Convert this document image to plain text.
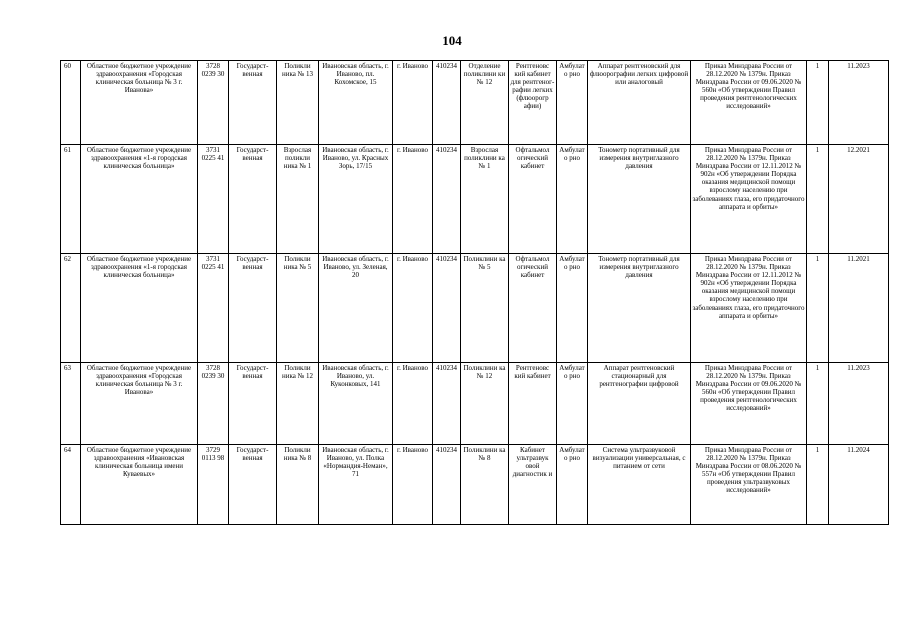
104
60	Областное бюджетное учреждение здравоохранения «Городская клиническая больница № 3 г. Иванова»	3728 0239 30	Государст-венная	Поликли ника № 13	Ивановская область, г. Иваново, пл. Кохомское, 15	г. Иваново	410234	Отделение поликлини ки № 12	Рентгеновс кий кабинет для рентгеног-рафии легких (флюорогр афии)	Амбулато рно	Аппарат рентгеновский для флюорографии легких цифровой или аналоговый	Приказ Минздрава России от 28.12.2020 № 1379н. Приказ Минздрава России от 09.06.2020 № 560н «Об утверждении Правил проведения рентгенологических исследований»	1	11.2023
61	Областное бюджетное учреждение здравоохранения «1-я городская клиническая больница»	3731 0225 41	Государст-венная	Взрослая поликли ника № 1	Ивановская область, г. Иваново, ул. Красных Зорь, 17/15	г. Иваново	410234	Взрослая поликлини ка № 1	Офтальмол огический кабинет	Амбулато рно	Тонометр портативный для измерения внутриглазного давления	Приказ Минздрава России от 28.12.2020 № 1379н. Приказ Минздрава России от 12.11.2012 № 902н «Об утверждении Порядка оказания медицинской помощи взрослому населению при заболеваниях глаза, его придаточного аппарата и орбиты»	1	12.2021
62	Областное бюджетное учреждение здравоохранения «1-я городская клиническая больница»	3731 0225 41	Государст-венная	Поликли ника № 5	Ивановская область, г. Иваново, ул. Зеленая, 20	г. Иваново	410234	Поликлини ка № 5	Офтальмол огический кабинет	Амбулато рно	Тонометр портативный для измерения внутриглазного давления	Приказ Минздрава России от 28.12.2020 № 1379н. Приказ Минздрава России от 12.11.2012 № 902н «Об утверждении Порядка оказания медицинской помощи взрослому населению при заболеваниях глаза, его придаточного аппарата и орбиты»	1	11.2021
63	Областное бюджетное учреждение здравоохранения «Городская клиническая больница № 3 г. Иванова»	3728 0239 30	Государст-венная	Поликли ника № 12	Ивановская область, г. Иваново, ул. Куконковых, 141	г. Иваново	410234	Поликлини ка № 12	Рентгеновс кий кабинет	Амбулато рно	Аппарат рентгеновский стационарный для рентгенографии цифровой	Приказ Минздрава России от 28.12.2020 № 1379н. Приказ Минздрава России от 09.06.2020 № 560н «Об утверждении Правил проведения рентгенологических исследований»	1	11.2023
64	Областное бюджетное учреждение здравоохранения «Ивановская клиническая больница имени Куваевых»	3729 0113 98	Государст-венная	Поликли ника № 8	Ивановская область, г. Иваново, ул. Полка «Нормандия-Неман», 71	г. Иваново	410234	Поликлини ка № 8	Кабинет ультразвук овой диагностик и	Амбулато рно	Система ультразвуковой визуализации универсальная, с питанием от сети	Приказ Минздрава России от 28.12.2020 № 1379н. Приказ Минздрава России от 08.06.2020 № 557н «Об утверждении Правил проведения ультразвуковых исследований»	1	11.2024
